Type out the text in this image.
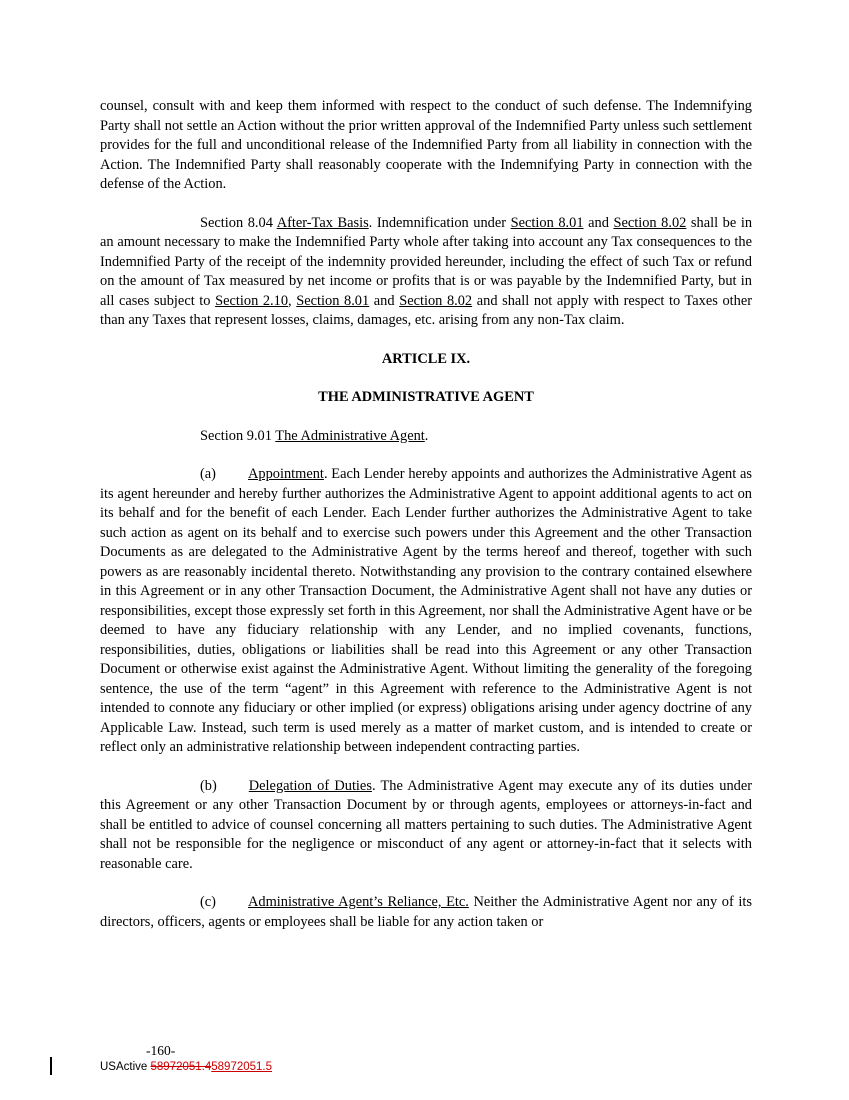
counsel, consult with and keep them informed with respect to the conduct of such defense. The Indemnifying Party shall not settle an Action without the prior written approval of the Indemnified Party unless such settlement provides for the full and unconditional release of the Indemnified Party from all liability in connection with the Action. The Indemnified Party shall reasonably cooperate with the Indemnifying Party in connection with the defense of the Action.

Section 8.04 After-Tax Basis. Indemnification under Section 8.01 and Section 8.02 shall be in an amount necessary to make the Indemnified Party whole after taking into account any Tax consequences to the Indemnified Party of the receipt of the indemnity provided hereunder, including the effect of such Tax or refund on the amount of Tax measured by net income or profits that is or was payable by the Indemnified Party, but in all cases subject to Section 2.10, Section 8.01 and Section 8.02 and shall not apply with respect to Taxes other than any Taxes that represent losses, claims, damages, etc. arising from any non-Tax claim.

ARTICLE IX.

THE ADMINISTRATIVE AGENT

Section 9.01 The Administrative Agent.

(a) Appointment. Each Lender hereby appoints and authorizes the Administrative Agent as its agent hereunder and hereby further authorizes the Administrative Agent to appoint additional agents to act on its behalf and for the benefit of each Lender. Each Lender further authorizes the Administrative Agent to take such action as agent on its behalf and to exercise such powers under this Agreement and the other Transaction Documents as are delegated to the Administrative Agent by the terms hereof and thereof, together with such powers as are reasonably incidental thereto. Notwithstanding any provision to the contrary contained elsewhere in this Agreement or in any other Transaction Document, the Administrative Agent shall not have any duties or responsibilities, except those expressly set forth in this Agreement, nor shall the Administrative Agent have or be deemed to have any fiduciary relationship with any Lender, and no implied covenants, functions, responsibilities, duties, obligations or liabilities shall be read into this Agreement or any other Transaction Document or otherwise exist against the Administrative Agent. Without limiting the generality of the foregoing sentence, the use of the term “agent” in this Agreement with reference to the Administrative Agent is not intended to connote any fiduciary or other implied (or express) obligations arising under agency doctrine of any Applicable Law. Instead, such term is used merely as a matter of market custom, and is intended to create or reflect only an administrative relationship between independent contracting parties.

(b) Delegation of Duties. The Administrative Agent may execute any of its duties under this Agreement or any other Transaction Document by or through agents, employees or attorneys-in-fact and shall be entitled to advice of counsel concerning all matters pertaining to such duties. The Administrative Agent shall not be responsible for the negligence or misconduct of any agent or attorney-in-fact that it selects with reasonable care.

(c) Administrative Agent’s Reliance, Etc. Neither the Administrative Agent nor any of its directors, officers, agents or employees shall be liable for any action taken or

-160-
USActive 58972051.458972051.5
